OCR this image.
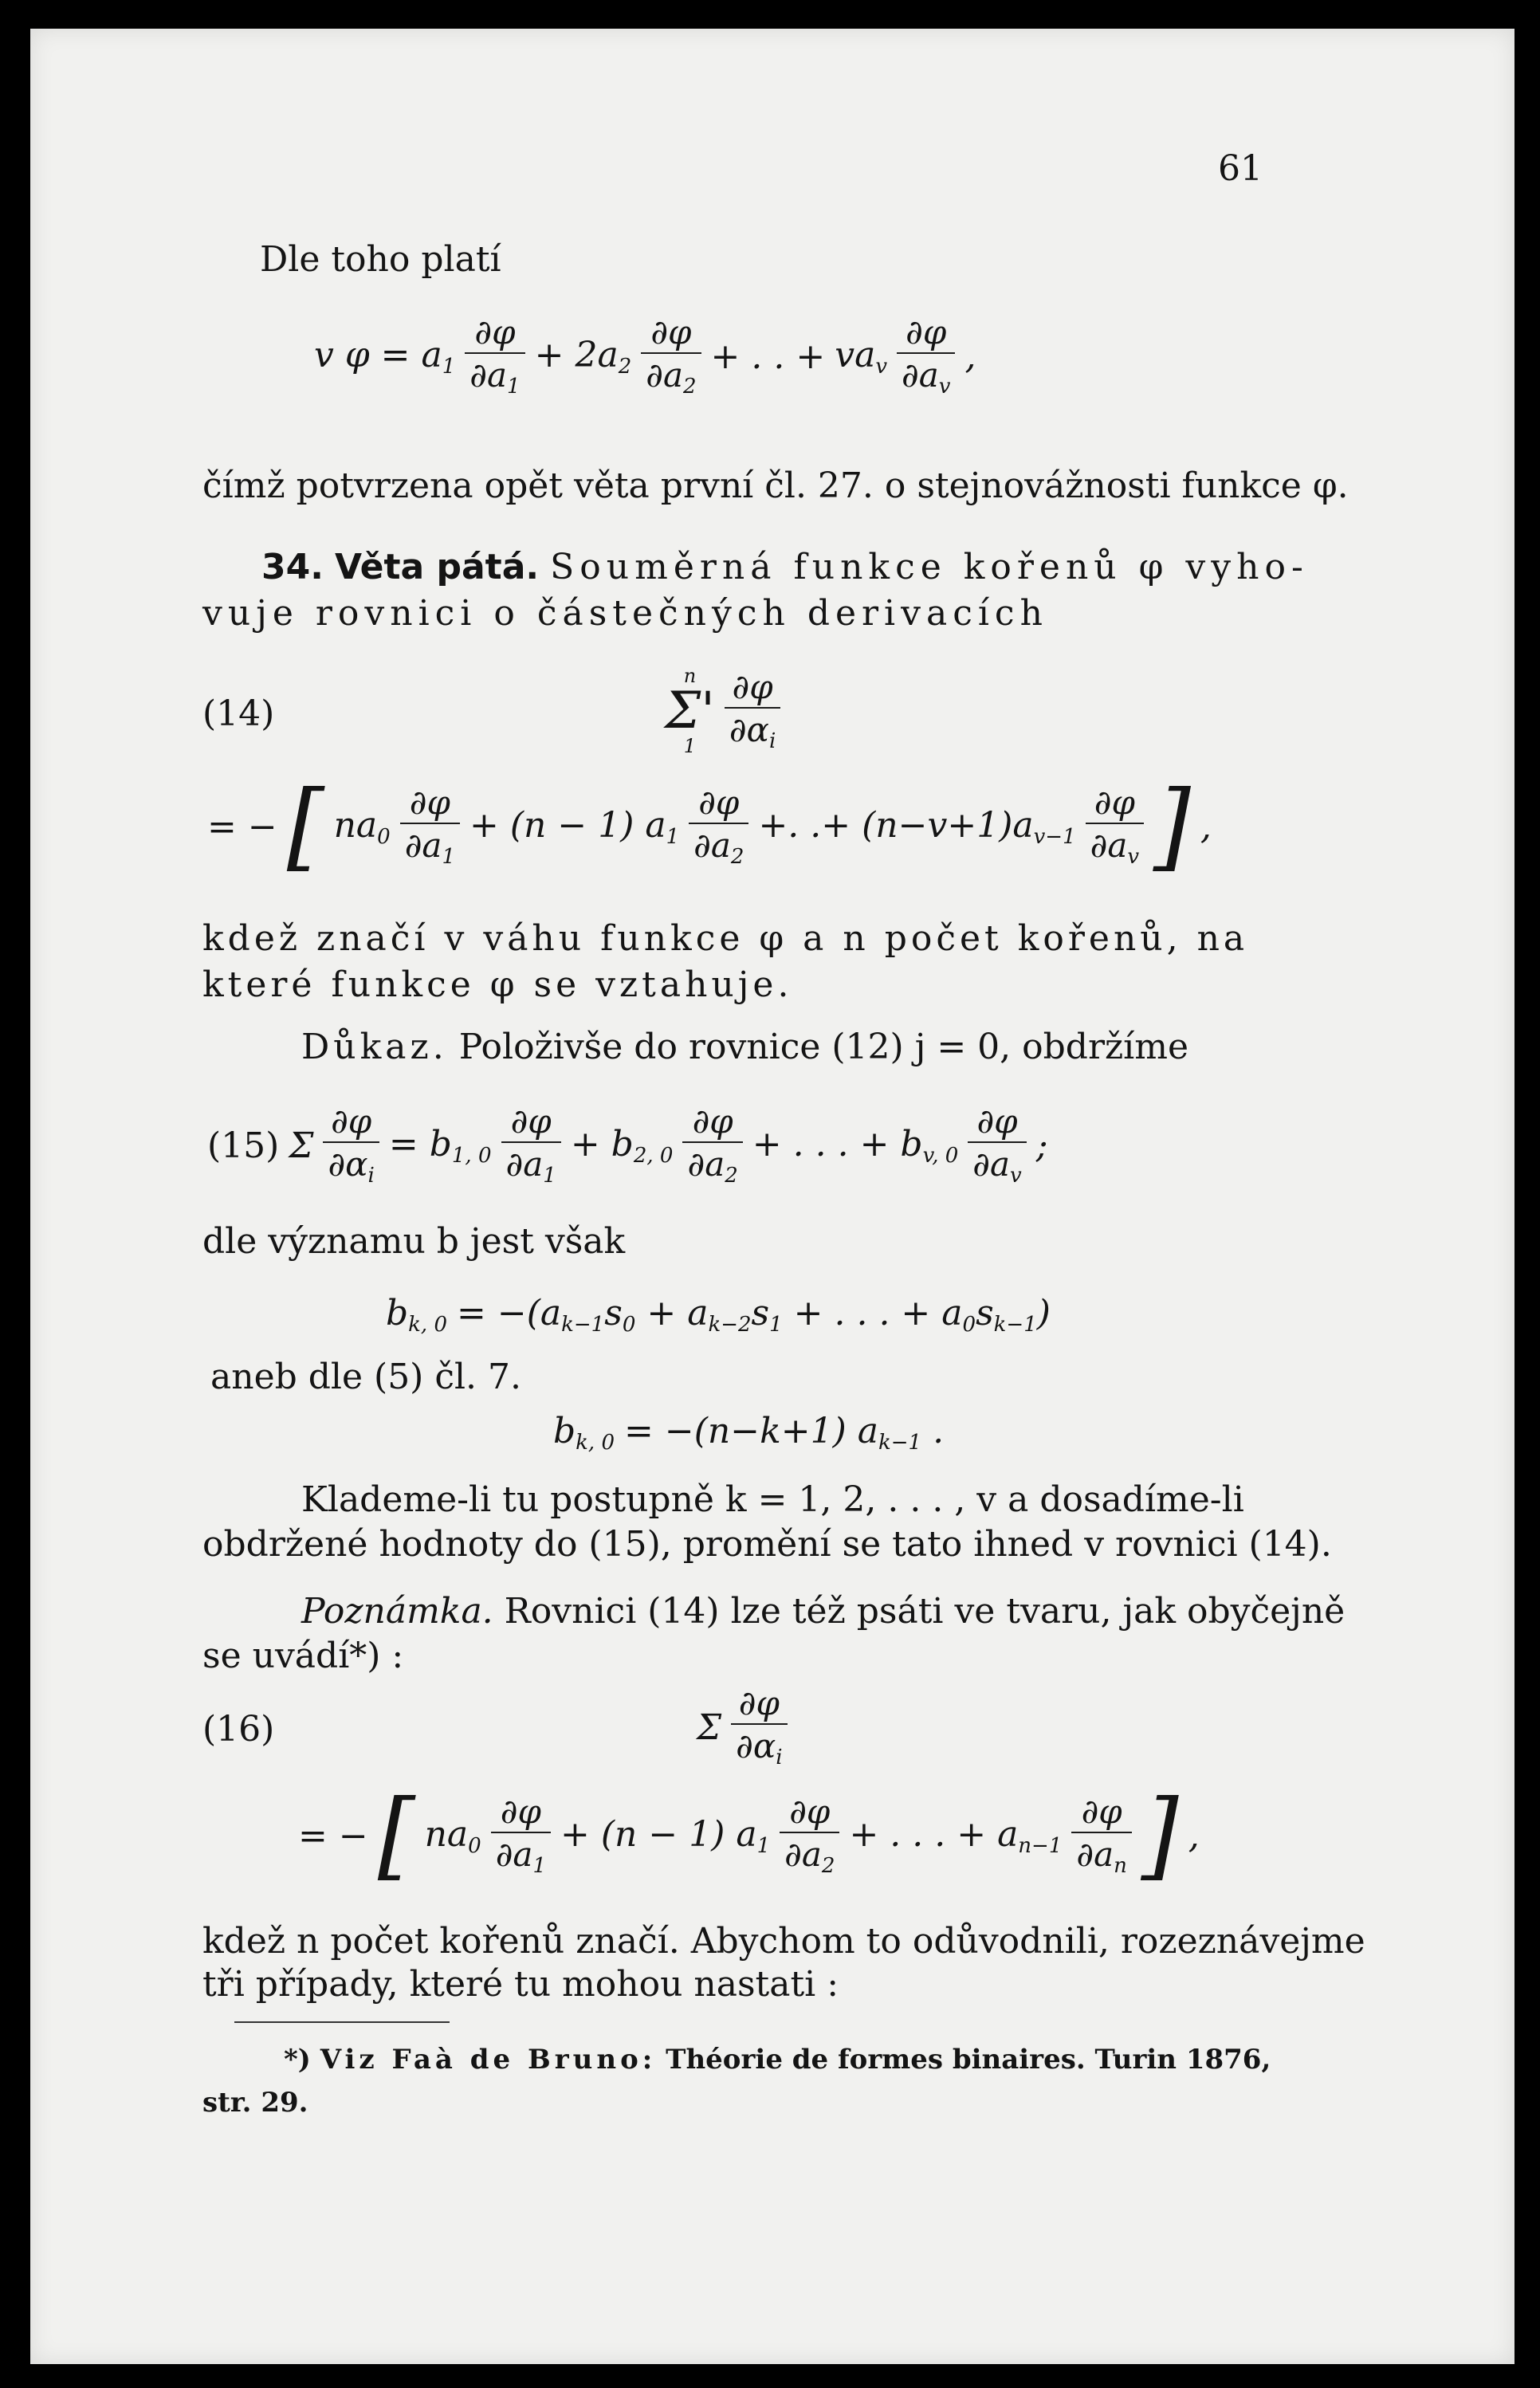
61
Dle toho platí
v $\varphi = a_1 \frac{\partial\varphi}{\partial a_1} + 2a_2 \frac{\partial\varphi}{\partial a_2}$ + . . + $va_v \frac{\partial\varphi}{\partial a_v}$ ,
čímž potvrzena opět věta první čl. 27. o stejnovážnosti funkce φ.
34. Věta pátá. Souměrná funkce kořenů φ vyho-
vuje rovnici o částečných derivacích
(14)
n
Σ'
$1 \frac{\partial\varphi}{\partial\alpha_i}$
= − [ $na_0 \frac{\partial\varphi}{\partial a_1} + (n - 1)$ $a_1 \frac{\partial\varphi}{\partial a_2}$ +. .+ $(n-v+1)a_{v-1} \frac{\partial\varphi}{\partial a_v}$ ] ,
kdež značí v váhu funkce φ a n počet kořenů, na
které funkce φ se vztahuje.
Důkaz. Položivše do rovnice (12) j = 0, obdržíme
(15) Σ $\frac{\partial\varphi}{\partial\alpha_i} = b_{1, 0} \frac{\partial\varphi}{\partial a_1} + b_{2, 0} \frac{\partial\varphi}{\partial a_2}$ + . . . + $b_{v, 0} \frac{\partial\varphi}{\partial a_v}$ ;
dle významu b jest však
$b_{k, 0} = -(a_{k-1}s_0 + a_{k-2}s_1$ + . . . + $a_0s_{k-1}$)
aneb dle (5) čl. 7.
$b_{k, 0} = -(n-k+1)$ $a_{k-1}$ .
Klademe-li tu postupně k = 1, 2, . . . , v a dosadíme-li
obdržené hodnoty do (15), promění se tato ihned v rovnici (14).
Poznámka. Rovnici (14) lze též psáti ve tvaru, jak obyčejně
se uvádí*) :
(16)	Σ $\frac{\partial\varphi}{\partial\alpha_i}$
= − [ $na_0 \frac{\partial\varphi}{\partial a_1} + (n - 1)$ $a_1 \frac{\partial\varphi}{\partial a_2}$ + . . . + $a_{n-1} \frac{\partial\varphi}{\partial a_n}$ ] ,
kdež n počet kořenů značí. Abychom to odůvodnili, rozeznávejme
tři případy, které tu mohou nastati :
*) Viz Faà de Bruno: Théorie de formes binaires. Turin 1876,
str. 29.
